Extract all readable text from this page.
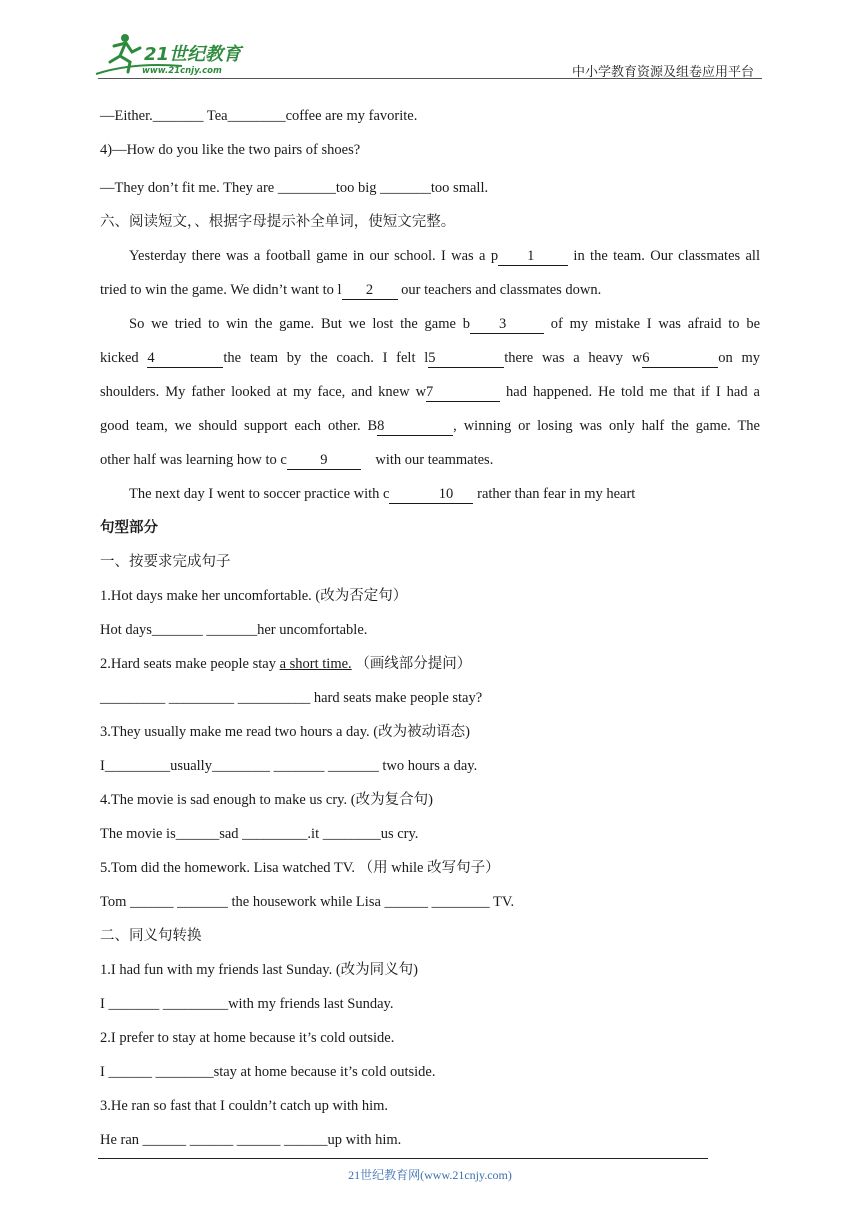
21世纪教育
www.21cnjy.com	中小学教育资源及组卷应用平台
—Either._______ Tea________coffee are my favorite.
4)—How do you like the two pairs of shoes?
—They don’t fit me. They are ________too big _______too small.
六、阅读短文，、根据字母提示补全单词，使短文完整。
Yesterday there was a football game in our school. I was a p 1 in the team. Our classmates all
tried to win the game. We didn’t want to l 2 our teachers and classmates down.
So we tried to win the game. But we lost the game b 3	of my mistake I was afraid to be
kicked 4	the team by the coach. I felt l5	there was a heavy w6	on my
shoulders. My father looked at my face, and knew w7	had happened. He told me that if I had a
good team, we should support each other. B8	, winning or losing was only half the game. The
other half was learning how to c 9    with our teammates.
The next day I went to soccer practice with c	10 rather than fear in my heart
句型部分
一、按要求完成句子
1.Hot days make her uncomfortable. (改为否定句）
Hot days_______ _______her uncomfortable.
2.Hard seats make people stay a short time. （画线部分提问）
_________ _________ __________ hard seats make people stay?
3.They usually make me read two hours a day. (改为被动语态)
I_________usually________ _______ _______ two hours a day.
4.The movie is sad enough to make us cry. (改为复合句)
The movie is______sad _________.it ________us cry.
5.Tom did the homework. Lisa watched TV. （用 while 改写句子）
Tom ______ _______ the housework while Lisa ______ ________ TV.
二、同义句转换
1.I had fun with my friends last Sunday. (改为同义句)
I _______ _________with my friends last Sunday.
2.I prefer to stay at home because it’s cold outside.
I ______ ________stay at home because it’s cold outside.
3.He ran so fast that I couldn’t catch up with him.
He ran ______ ______ ______ ______up with him.
21世纪教育网(www.21cnjy.com)
